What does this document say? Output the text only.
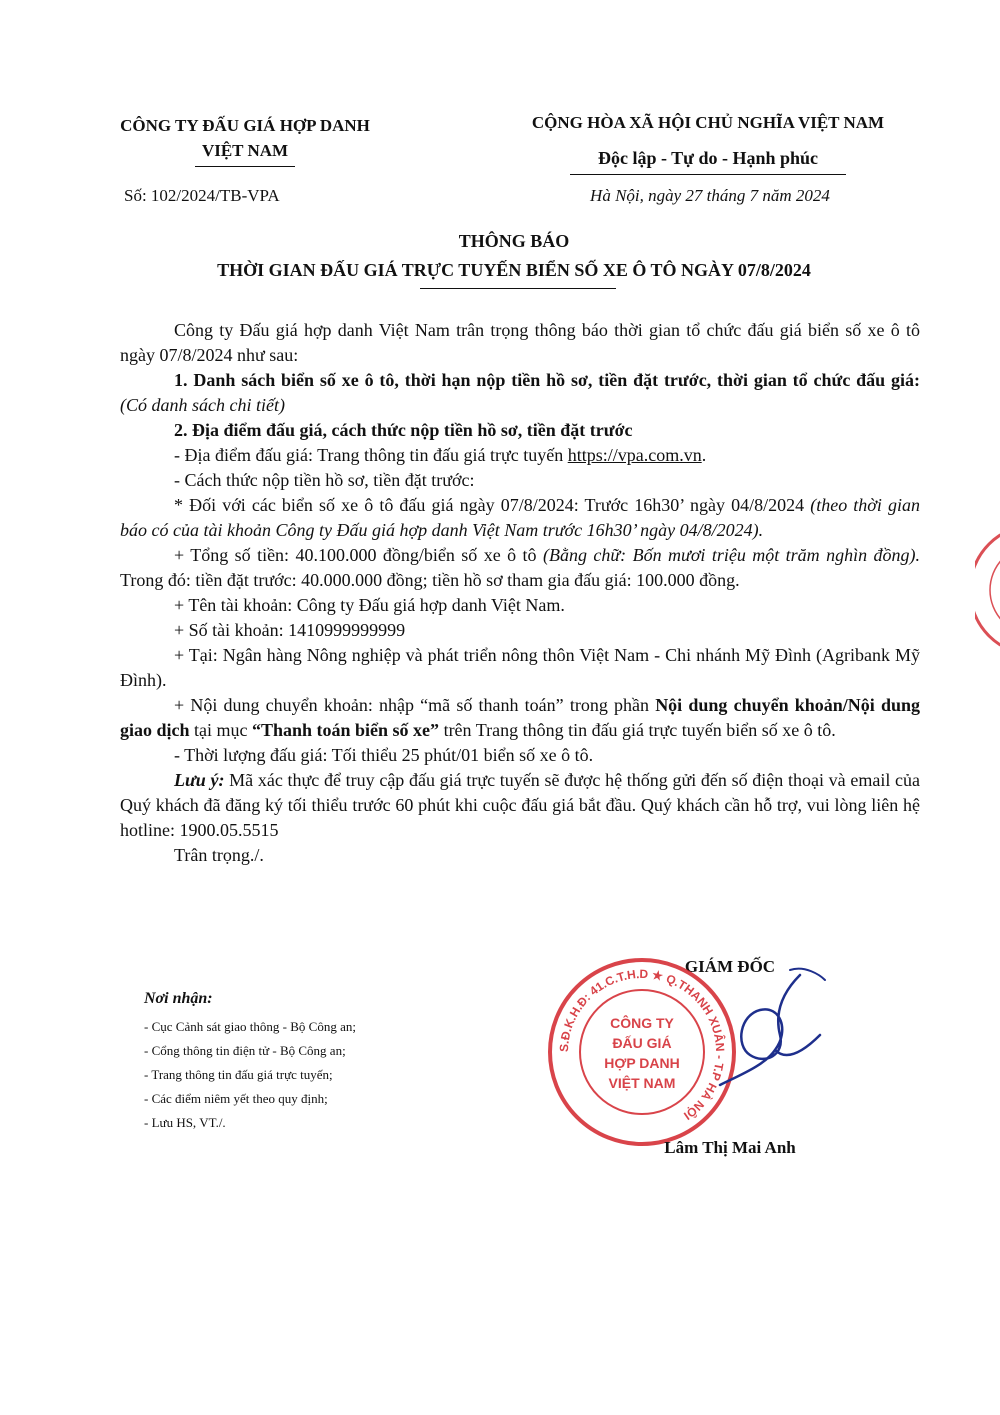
CÔNG TY ĐẤU GIÁ HỢP DANH
VIỆT NAM
CỘNG HÒA XÃ HỘI CHỦ NGHĨA VIỆT NAM
Độc lập - Tự do - Hạnh phúc
Số: 102/2024/TB-VPA	Hà Nội, ngày 27 tháng 7 năm 2024
THÔNG BÁO
THỜI GIAN ĐẤU GIÁ TRỰC TUYẾN BIỂN SỐ XE Ô TÔ NGÀY 07/8/2024

Công ty Đấu giá hợp danh Việt Nam trân trọng thông báo thời gian tổ chức đấu giá biển số xe ô tô ngày 07/8/2024 như sau:

1. Danh sách biển số xe ô tô, thời hạn nộp tiền hồ sơ, tiền đặt trước, thời gian tổ chức đấu giá: (Có danh sách chi tiết)

2. Địa điểm đấu giá, cách thức nộp tiền hồ sơ, tiền đặt trước

- Địa điểm đấu giá: Trang thông tin đấu giá trực tuyến https://vpa.com.vn.

- Cách thức nộp tiền hồ sơ, tiền đặt trước:

* Đối với các biển số xe ô tô đấu giá ngày 07/8/2024: Trước 16h30’ ngày 04/8/2024 (theo thời gian báo có của tài khoản Công ty Đấu giá hợp danh Việt Nam trước 16h30’ ngày 04/8/2024).

+ Tổng số tiền: 40.100.000 đồng/biển số xe ô tô (Bằng chữ: Bốn mươi triệu một trăm nghìn đồng). Trong đó: tiền đặt trước: 40.000.000 đồng; tiền hồ sơ tham gia đấu giá: 100.000 đồng.

+ Tên tài khoản: Công ty Đấu giá hợp danh Việt Nam.

+ Số tài khoản: 1410999999999

+ Tại: Ngân hàng Nông nghiệp và phát triển nông thôn Việt Nam - Chi nhánh Mỹ Đình (Agribank Mỹ Đình).

+ Nội dung chuyển khoản: nhập “mã số thanh toán” trong phần Nội dung chuyển khoản/Nội dung giao dịch tại mục “Thanh toán biển số xe” trên Trang thông tin đấu giá trực tuyến biển số xe ô tô.

- Thời lượng đấu giá: Tối thiểu 25 phút/01 biển số xe ô tô.

Lưu ý: Mã xác thực để truy cập đấu giá trực tuyến sẽ được hệ thống gửi đến số điện thoại và email của Quý khách đã đăng ký tối thiểu trước 60 phút khi cuộc đấu giá bắt đầu. Quý khách cần hỗ trợ, vui lòng liên hệ hotline: 1900.05.5515

Trân trọng./.

Nơi nhận:
- Cục Cảnh sát giao thông - Bộ Công an;
- Cổng thông tin điện tử - Bộ Công an;
- Trang thông tin đấu giá trực tuyến;
- Các điểm niêm yết theo quy định;
- Lưu HS, VT./.
GIÁM ĐỐC
S.Đ.K.H.Đ: 41.C.T.H.D ★ Q.THANH XUÂN - T.P HÀ NỘI
CÔNG TY
ĐẤU GIÁ
HỢP DANH
VIỆT NAM
Lâm Thị Mai Anh
